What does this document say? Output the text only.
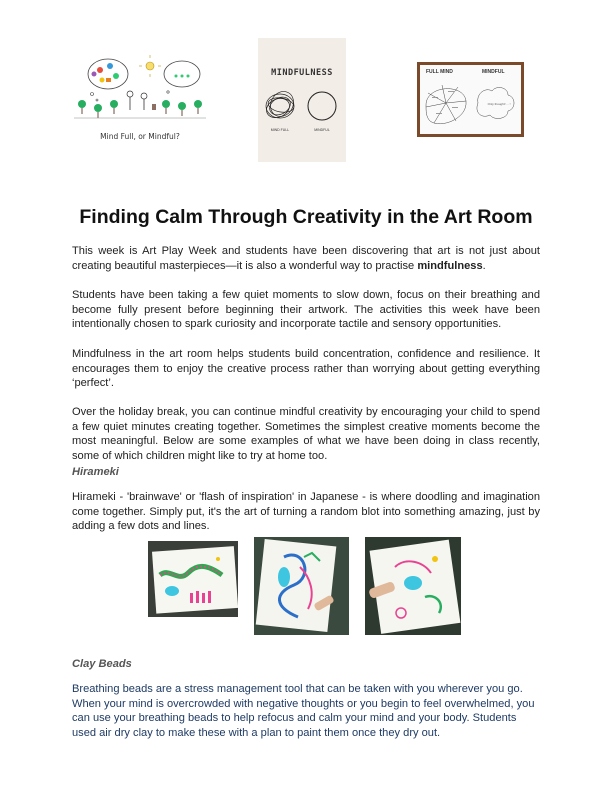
Mind Full, or Mindful?
MINDFULNESS
MIND FULL	MINDFUL
FULL MIND	MINDFUL
Only thought! ... !
Finding Calm Through Creativity in the Art Room

This week is Art Play Week and students have been discovering that art is not just about creating beautiful masterpieces—it is also a wonderful way to practise mindfulness.

Students have been taking a few quiet moments to slow down, focus on their breathing and become fully present before beginning their artwork. The activities this week have been intentionally chosen to spark curiosity and incorporate tactile and sensory opportunities.

Mindfulness in the art room helps students build concentration, confidence and resilience. It encourages them to enjoy the creative process rather than worrying about getting everything ‘perfect’.

Over the holiday break, you can continue mindful creativity by encouraging your child to spend a few quiet minutes creating together. Sometimes the simplest creative moments become the most meaningful. Below are some examples of what we have been doing in class recently, some of which children might like to try at home too.

Hirameki

Hirameki - 'brainwave' or 'flash of inspiration' in Japanese - is where doodling and imagination come together. Simply put, it's the art of turning a random blot into something amazing, just by adding a few dots and lines.

Clay Beads

Breathing beads are a stress management tool that can be taken with you wherever you go. When your mind is overcrowded with negative thoughts or you begin to feel overwhelmed, you can use your breathing beads to help refocus and calm your mind and your body. Students used air dry clay to make these with a plan to paint them once they dry out.
